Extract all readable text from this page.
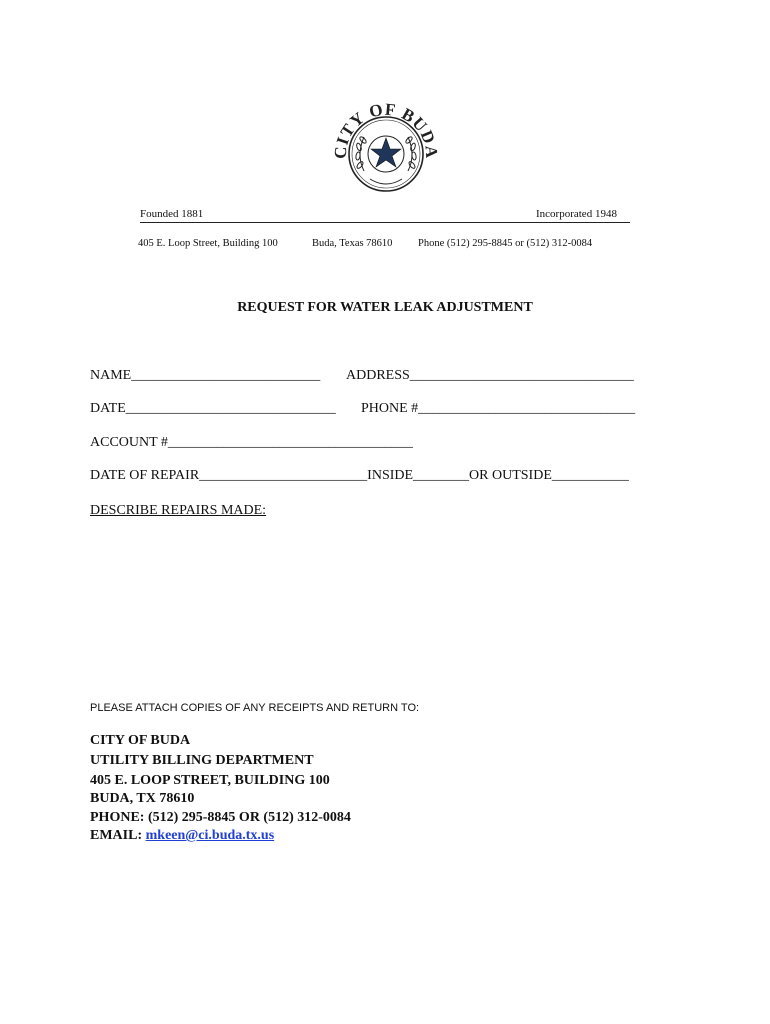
CITY OF BUDA
Founded 1881	Incorporated 1948
405 E. Loop Street, Building 100	Buda, Texas 78610 Phone (512) 295-8845 or (512) 312-0084
REQUEST FOR WATER LEAK ADJUSTMENT
NAME___________________________ ADDRESS________________________________
DATE______________________________ PHONE #_______________________________
ACCOUNT #___________________________________
DATE OF REPAIR________________________INSIDE________OR OUTSIDE___________
DESCRIBE REPAIRS MADE:
PLEASE ATTACH COPIES OF ANY RECEIPTS AND RETURN TO:
CITY OF BUDA
UTILITY BILLING DEPARTMENT
405 E. LOOP STREET, BUILDING 100
BUDA, TX 78610
PHONE: (512) 295-8845 OR (512) 312-0084
EMAIL: mkeen@ci.buda.tx.us
